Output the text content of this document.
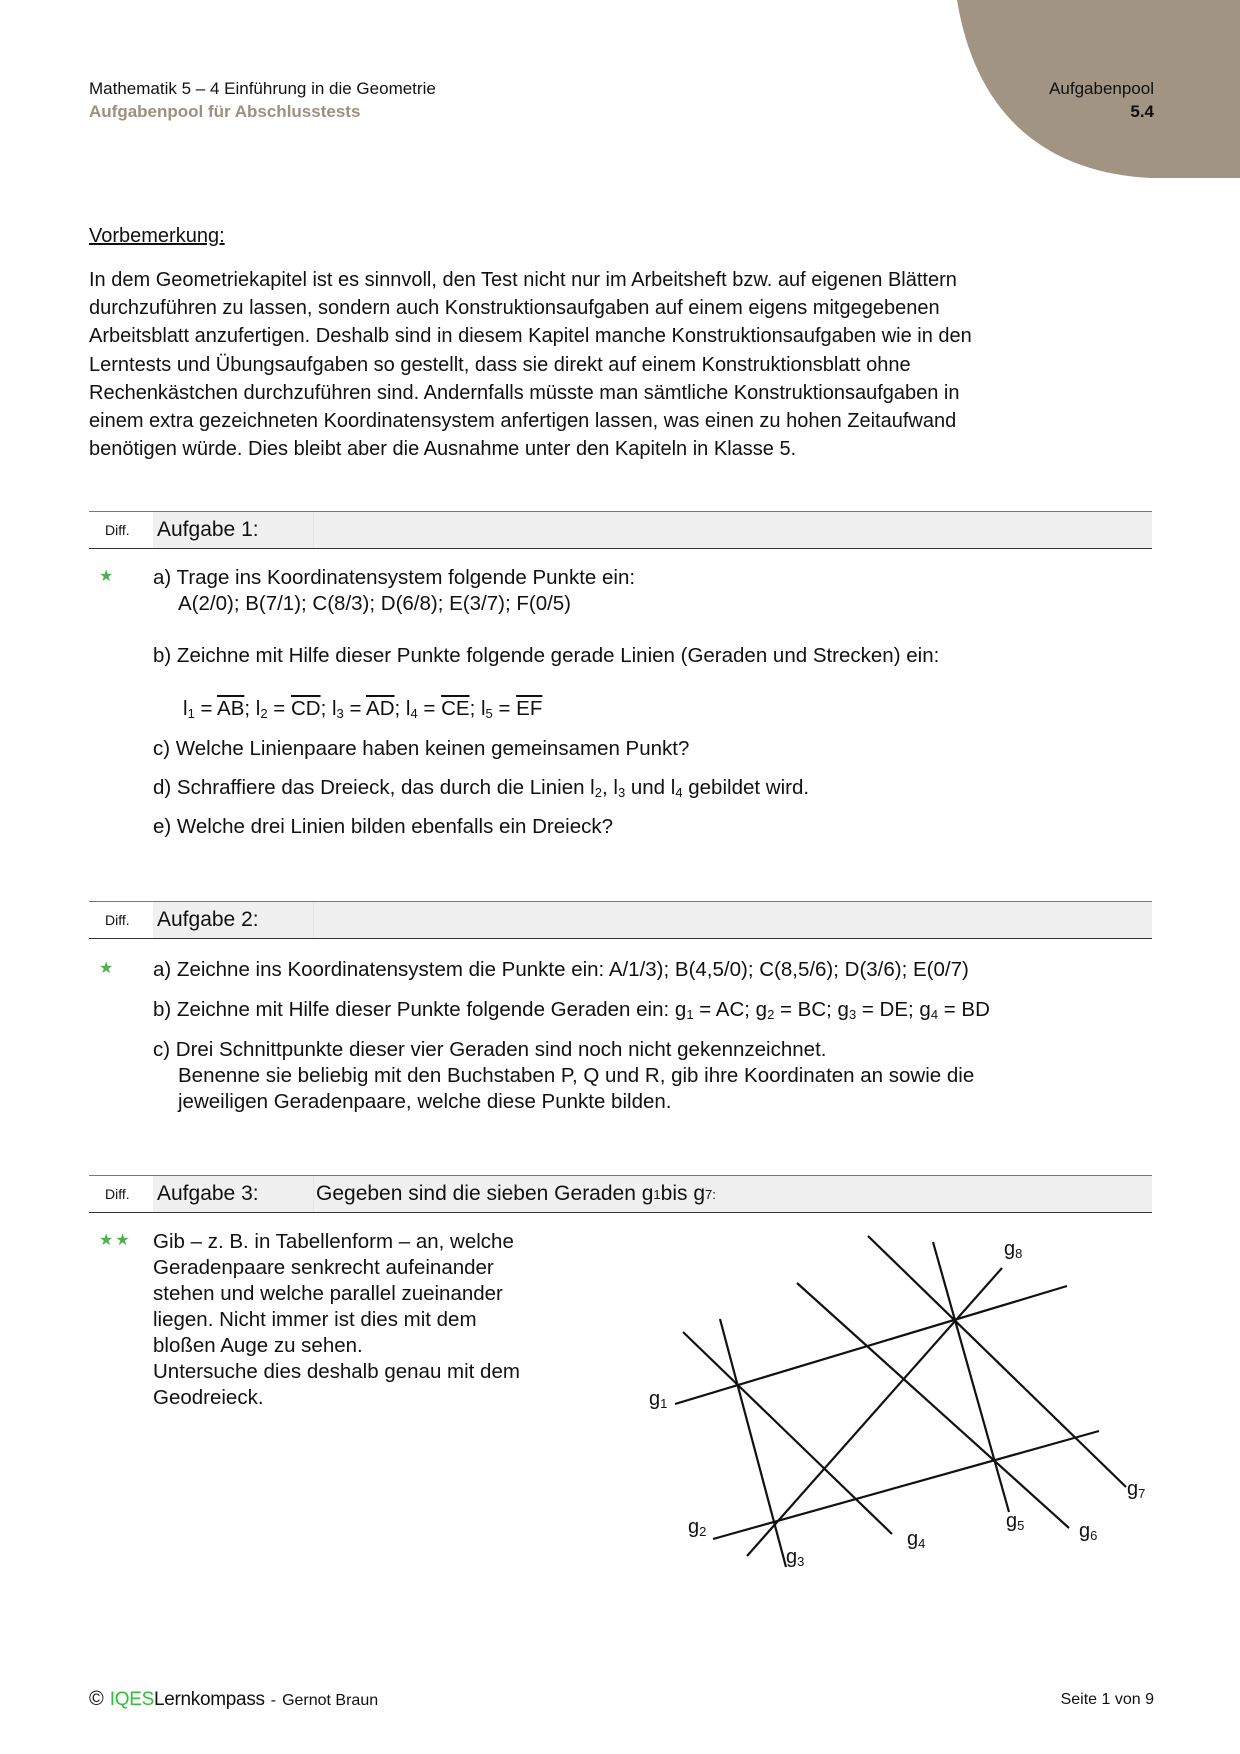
Mathematik 5 – 4 Einführung in die Geometrie
Aufgabenpool für Abschlusstests
Aufgabenpool
5.4
Vorbemerkung:
In dem Geometriekapitel ist es sinnvoll, den Test nicht nur im Arbeitsheft bzw. auf eigenen Blättern
durchzuführen zu lassen, sondern auch Konstruktionsaufgaben auf einem eigens mitgegebenen
Arbeitsblatt anzufertigen. Deshalb sind in diesem Kapitel manche Konstruktionsaufgaben wie in den
Lerntests und Übungsaufgaben so gestellt, dass sie direkt auf einem Konstruktionsblatt ohne
Rechenkästchen durchzuführen sind. Andernfalls müsste man sämtliche Konstruktionsaufgaben in
einem extra gezeichneten Koordinatensystem anfertigen lassen, was einen zu hohen Zeitaufwand
benötigen würde. Dies bleibt aber die Ausnahme unter den Kapiteln in Klasse 5.
Diff.	Aufgabe 1:
★ a) Trage ins Koordinatensystem folgende Punkte ein:
A(2/0); B(7/1); C(8/3); D(6/8); E(3/7); F(0/5)
b) Zeichne mit Hilfe dieser Punkte folgende gerade Linien (Geraden und Strecken) ein:
$l_1 = \overline{AB}$; $l_2 = \overline{CD}$; $l_3 = \overline{AD}$; $l_4 = \overline{CE}$; $l_5 = \overline{EF}$
c) Welche Linienpaare haben keinen gemeinsamen Punkt?
d) Schraffiere das Dreieck, das durch die Linien $l_2$, $l_3$ und $l_4$ gebildet wird.
e) Welche drei Linien bilden ebenfalls ein Dreieck?
Diff.	Aufgabe 2:
★ a) Zeichne ins Koordinatensystem die Punkte ein: A/1/3); B(4,5/0); C(8,5/6); D(3/6); E(0/7)
b) Zeichne mit Hilfe dieser Punkte folgende Geraden ein: $g_1$ = AC; $g_2$ = BC; $g_3$ = DE; $g_4$ = BD
c) Drei Schnittpunkte dieser vier Geraden sind noch nicht gekennzeichnet.
Benenne sie beliebig mit den Buchstaben P, Q und R, gib ihre Koordinaten an sowie die
jeweiligen Geradenpaare, welche diese Punkte bilden.
Diff.	Aufgabe 3:	Gegeben sind die sieben Geraden g 1 bis g 7:
★★ Gib – z. B. in Tabellenform – an, welche
Geradenpaare senkrecht aufeinander
stehen und welche parallel zueinander
liegen. Nicht immer ist dies mit dem
bloßen Auge zu sehen.
Untersuche dies deshalb genau mit dem
Geodreieck.	$g_1$
$g_2$
$g_3$
$g_4$
$g_5$	$g_6$
$g_7$
$g_8$
© IQES Lernkompass - Gernot Braun	Seite 1 von 9
